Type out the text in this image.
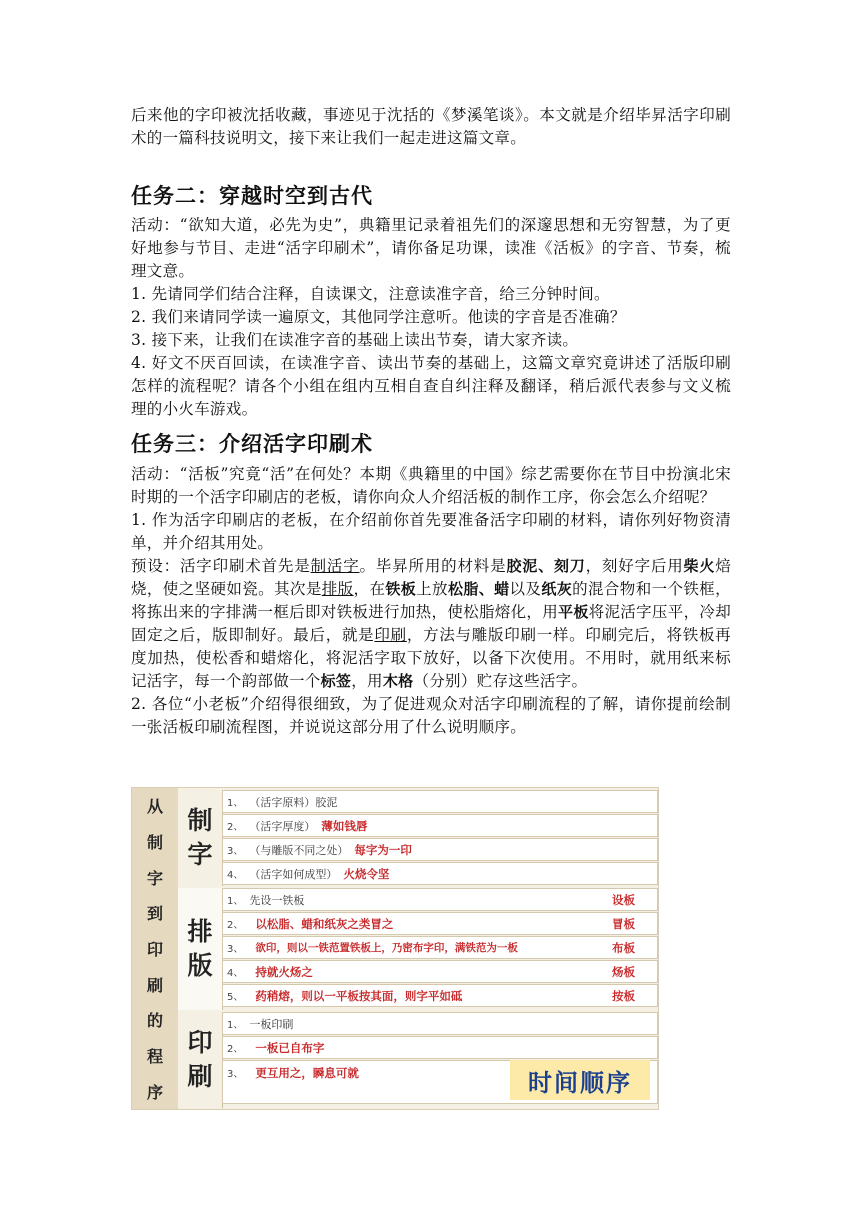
后来他的字印被沈括收藏，事迹见于沈括的《梦溪笔谈》。本文就是介绍毕昇活字印刷术的一篇科技说明文，接下来让我们一起走进这篇文章。

任务二：穿越时空到古代

活动：“欲知大道，必先为史”，典籍里记录着祖先们的深邃思想和无穷智慧，为了更好地参与节目、走进“活字印刷术”，请你备足功课，读准《活板》的字音、节奏，梳理文意。

1. 先请同学们结合注释，自读课文，注意读准字音，给三分钟时间。

2. 我们来请同学读一遍原文，其他同学注意听。他读的字音是否准确？

3. 接下来，让我们在读准字音的基础上读出节奏，请大家齐读。

4. 好文不厌百回读，在读准字音、读出节奏的基础上，这篇文章究竟讲述了活版印刷怎样的流程呢？请各个小组在组内互相自查自纠注释及翻译，稍后派代表参与文义梳理的小火车游戏。

任务三：介绍活字印刷术

活动：“活板”究竟“活”在何处？本期《典籍里的中国》综艺需要你在节目中扮演北宋时期的一个活字印刷店的老板，请你向众人介绍活板的制作工序，你会怎么介绍呢？

1. 作为活字印刷店的老板，在介绍前你首先要准备活字印刷的材料，请你列好物资清单，并介绍其用处。

预设：活字印刷术首先是制活字。毕昇所用的材料是胶泥、刻刀，刻好字后用柴火焙烧，使之坚硬如瓷。其次是排版，在铁板上放松脂、蜡以及纸灰的混合物和一个铁框，将拣出来的字排满一框后即对铁板进行加热，使松脂熔化，用平板将泥活字压平，冷却固定之后，版即制好。最后，就是印刷，方法与雕版印刷一样。印刷完后，将铁板再度加热，使松香和蜡熔化，将泥活字取下放好，以备下次使用。不用时，就用纸来标记活字，每一个韵部做一个标签，用木格（分别）贮存这些活字。

2. 各位“小老板”介绍得很细致，为了促进观众对活字印刷流程的了解，请你提前绘制一张活板印刷流程图，并说说这部分用了什么说明顺序。

从
制
字
到
印
刷
的
程
序
制
字
1、 （活字原料）胶泥
2、 （活字厚度） 薄如钱唇
3、 （与雕版不同之处） 每字为一印
4、 （活字如何成型） 火烧令坚
排
版
1、 先设一铁板	设板
2、 以松脂、蜡和纸灰之类冒之	冒板
3、 欲印，则以一铁范置铁板上，乃密布字印，满铁范为一板	布板
4、 持就火炀之	炀板
5、 药稍熔，则以一平板按其面，则字平如砥	按板
印
刷
1、 一板印刷
2、 一板已自布字
3、 更互用之，瞬息可就	时间顺序
